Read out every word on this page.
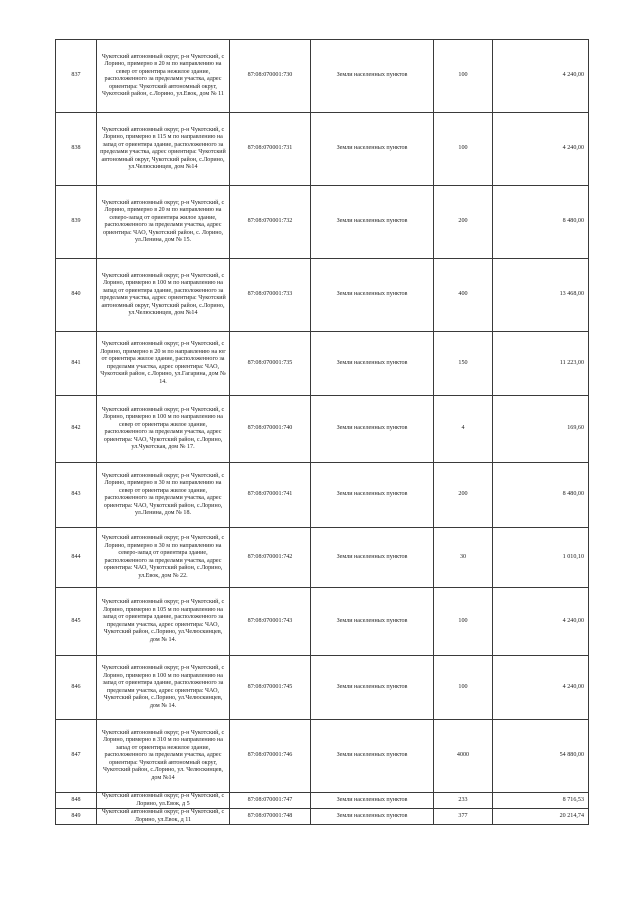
837	Чукотский автономный округ, р-н Чукотский, с Лорино, примерно в 20 м по направлению на север от ориентира нежилое здание, расположенного за пределами участка, адрес ориентира: Чукотский автономный округ, Чукотский район, с.Лорино, ул.Евок, дом № 11	87:08:070001:730	Земли населенных пунктов	100	4 240,00
838	Чукотский автономный округ, р-н Чукотский, с Лорино, примерно в 115 м по направлению на запад от ориентира здание, расположенного за пределами участка, адрес ориентира: Чукотский автономный округ, Чукотский район, с.Лорино, ул.Челюскинцев, дом №14	87:08:070001:731	Земли населенных пунктов	100	4 240,00
839	Чукотский автономный округ, р-н Чукотский, с Лорино, примерно в 20 м по направлению на северо-запад от ориентира жилое здание, расположенного за пределами участка, адрес ориентира: ЧАО, Чукотский район, с. Лорино, ул.Ленина, дом № 15.	87:08:070001:732	Земли населенных пунктов	200	8 480,00
840	Чукотский автономный округ, р-н Чукотский, с Лорино, примерно в 100 м по направлению на запад от ориентира здание, расположенного за пределами участка, адрес ориентира: Чукотский автономный округ, Чукотский район, с.Лорино, ул.Челюскинцев, дом №14	87:08:070001:733	Земли населенных пунктов	400	13 468,00
841	Чукотский автономный округ, р-н Чукотский, с Лорино, примерно в 20 м по направлению на юг от ориентира жилое здание, расположенного за пределами участка, адрес ориентира: ЧАО, Чукотский район, с.Лорино, ул.Гагарина, дом № 14.	87:08:070001:735	Земли населенных пунктов	150	11 223,00
842	Чукотский автономный округ, р-н Чукотский, с Лорино, примерно в 100 м по направлению на север от ориентира жилое здание, расположенного за пределами участка, адрес ориентира: ЧАО, Чукотский район, с.Лорино, ул.Чукотская, дом № 17.	87:08:070001:740	Земли населенных пунктов	4	169,60
843	Чукотский автономный округ, р-н Чукотский, с Лорино, примерно в 30 м по направлению на север от ориентира жилое здание, расположенного за пределами участка, адрес ориентира: ЧАО, Чукотский район, с.Лорино, ул.Ленина, дом № 18.	87:08:070001:741	Земли населенных пунктов	200	8 480,00
844	Чукотский автономный округ, р-н Чукотский, с Лорино, примерно в 30 м по направлению на северо-запад от ориентира здание, расположенного за пределами участка, адрес ориентира: ЧАО, Чукотский район, с.Лорино, ул.Евок, дом № 22.	87:08:070001:742	Земли населенных пунктов	30	1 010,10
845	Чукотский автономный округ, р-н Чукотский, с Лорино, примерно в 105 м по направлению на запад от ориентира здание, расположенного за пределами участка, адрес ориентира: ЧАО, Чукотский район, с.Лорино, ул.Челюскинцев, дом № 14.	87:08:070001:743	Земли населенных пунктов	100	4 240,00
846	Чукотский автономный округ, р-н Чукотский, с Лорино, примерно в 100 м по направлению на запад от ориентира здание, расположенного за пределами участка, адрес ориентира: ЧАО, Чукотский район, с.Лорино, ул.Челюскинцев, дом № 14.	87:08:070001:745	Земли населенных пунктов	100	4 240,00
847	Чукотский автономный округ, р-н Чукотский, с Лорино, примерно в 310 м по направлению на запад от ориентира нежилое здание, расположенного за пределами участка, адрес ориентира: Чукотский автономный округ, Чукотский район, с.Лорино, ул. Челюскинцев, дом №14	87:08:070001:746	Земли населенных пунктов	4000	54 880,00
848	Чукотский автономный округ, р-н Чукотский, с Лорино, ул.Евок, д 5	87:08:070001:747	Земли населенных пунктов	233	8 716,53
849	Чукотский автономный округ, р-н Чукотский, с Лорино, ул.Евок, д 11	87:08:070001:748	Земли населенных пунктов	377	20 214,74
